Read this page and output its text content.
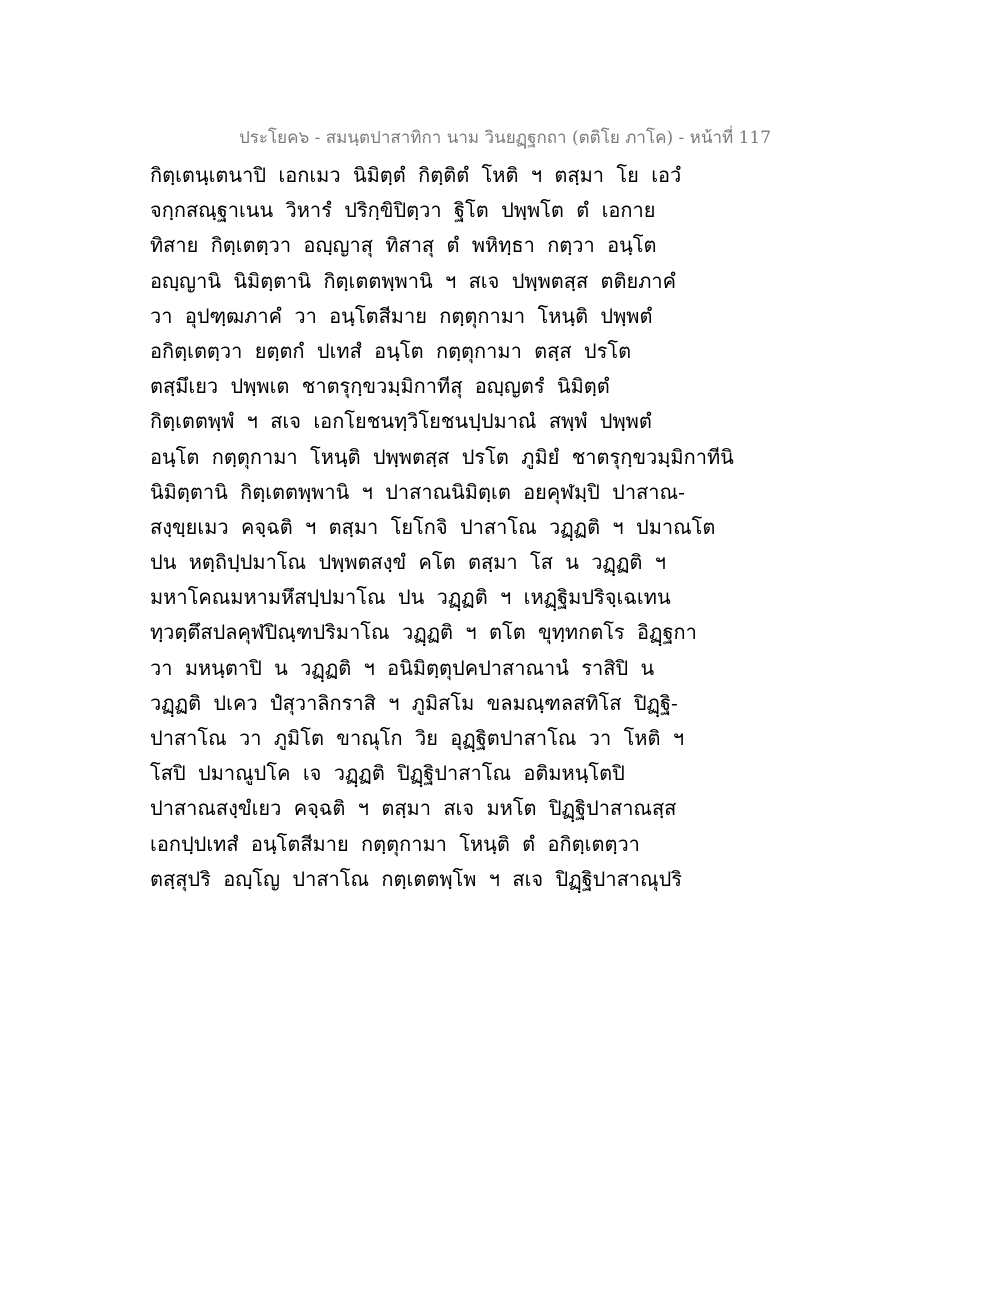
ประโยค๖ - สมนฺตปาสาทิกา นาม วินยฏฺฐกถา (ตติโย ภาโค) - หน้าที่ 117
กิตฺเตนฺเตนาปิ เอกเมว นิมิตฺตํ กิตฺติตํ โหติ ฯ ตสฺมา โย เอวํ
จกฺกสณฺฐาเนน วิหารํ ปริกฺขิปิตฺวา ฐิโต ปพฺพโต ตํ เอกาย
ทิสาย กิตฺเตตฺวา อญฺญาสุ ทิสาสุ ตํ พหิทฺธา กตฺวา อนฺโต
อญฺญานิ นิมิตฺตานิ กิตฺเตตพฺพานิ ฯ สเจ ปพฺพตสฺส ตติยภาคํ
วา อุปฑฺฒภาคํ วา อนฺโตสีมาย กตฺตุกามา โหนฺติ ปพฺพตํ
อกิตฺเตตฺวา ยตฺตกํ ปเทสํ อนฺโต กตฺตุกามา ตสฺส ปรโต
ตสฺมึเยว ปพฺพเต ชาตรุกฺขวมฺมิกาทีสุ อญฺญตรํ นิมิตฺตํ
กิตฺเตตพฺพํ ฯ สเจ เอกโยชนทฺวิโยชนปฺปมาณํ สพฺพํ ปพฺพตํ
อนฺโต กตฺตุกามา โหนฺติ ปพฺพตสฺส ปรโต ภูมิยํ ชาตรุกฺขวมฺมิกาทีนิ
นิมิตฺตานิ กิตฺเตตพฺพานิ ฯ ปาสาณนิมิตฺเต อยคุฬมฺปิ ปาสาณ-
สงฺขฺยเมว คจฺฉติ ฯ ตสฺมา โยโกจิ ปาสาโณ วฏฺฏติ ฯ ปมาณโต
ปน หตฺถิปฺปมาโณ ปพฺพตสงฺขํ คโต ตสฺมา โส น วฏฺฏติ ฯ
มหาโคณมหามหึสปฺปมาโณ ปน วฏฺฏติ ฯ เหฏฺฐิมปริจฺเฉเทน
ทฺวตฺตึสปลคุฬปิณฺฑปริมาโณ วฏฺฏติ ฯ ตโต ขุทฺทกตโร อิฏฺฐกา
วา มหนฺตาปิ น วฏฺฏติ ฯ อนิมิตฺตุปคปาสาณานํ ราสิปิ น
วฏฺฏติ ปเคว ปํสุวาลิกราสิ ฯ ภูมิสโม ขลมณฺฑลสทิโส ปิฏฺฐิ-
ปาสาโณ วา ภูมิโต ขาณุโก วิย อุฏฺฐิตปาสาโณ วา โหติ ฯ
โสปิ ปมาณูปโค เจ วฏฺฏติ ปิฏฺฐิปาสาโณ อติมหนฺโตปิ
ปาสาณสงฺขํเยว คจฺฉติ ฯ ตสฺมา สเจ มหโต ปิฏฺฐิปาสาณสฺส
เอกปฺปเทสํ อนฺโตสีมาย กตฺตุกามา โหนฺติ ตํ อกิตฺเตตฺวา
ตสฺสุปริ อญฺโญ ปาสาโณ กตฺเตตพฺโพ ฯ สเจ ปิฏฺฐิปาสาณุปริ
